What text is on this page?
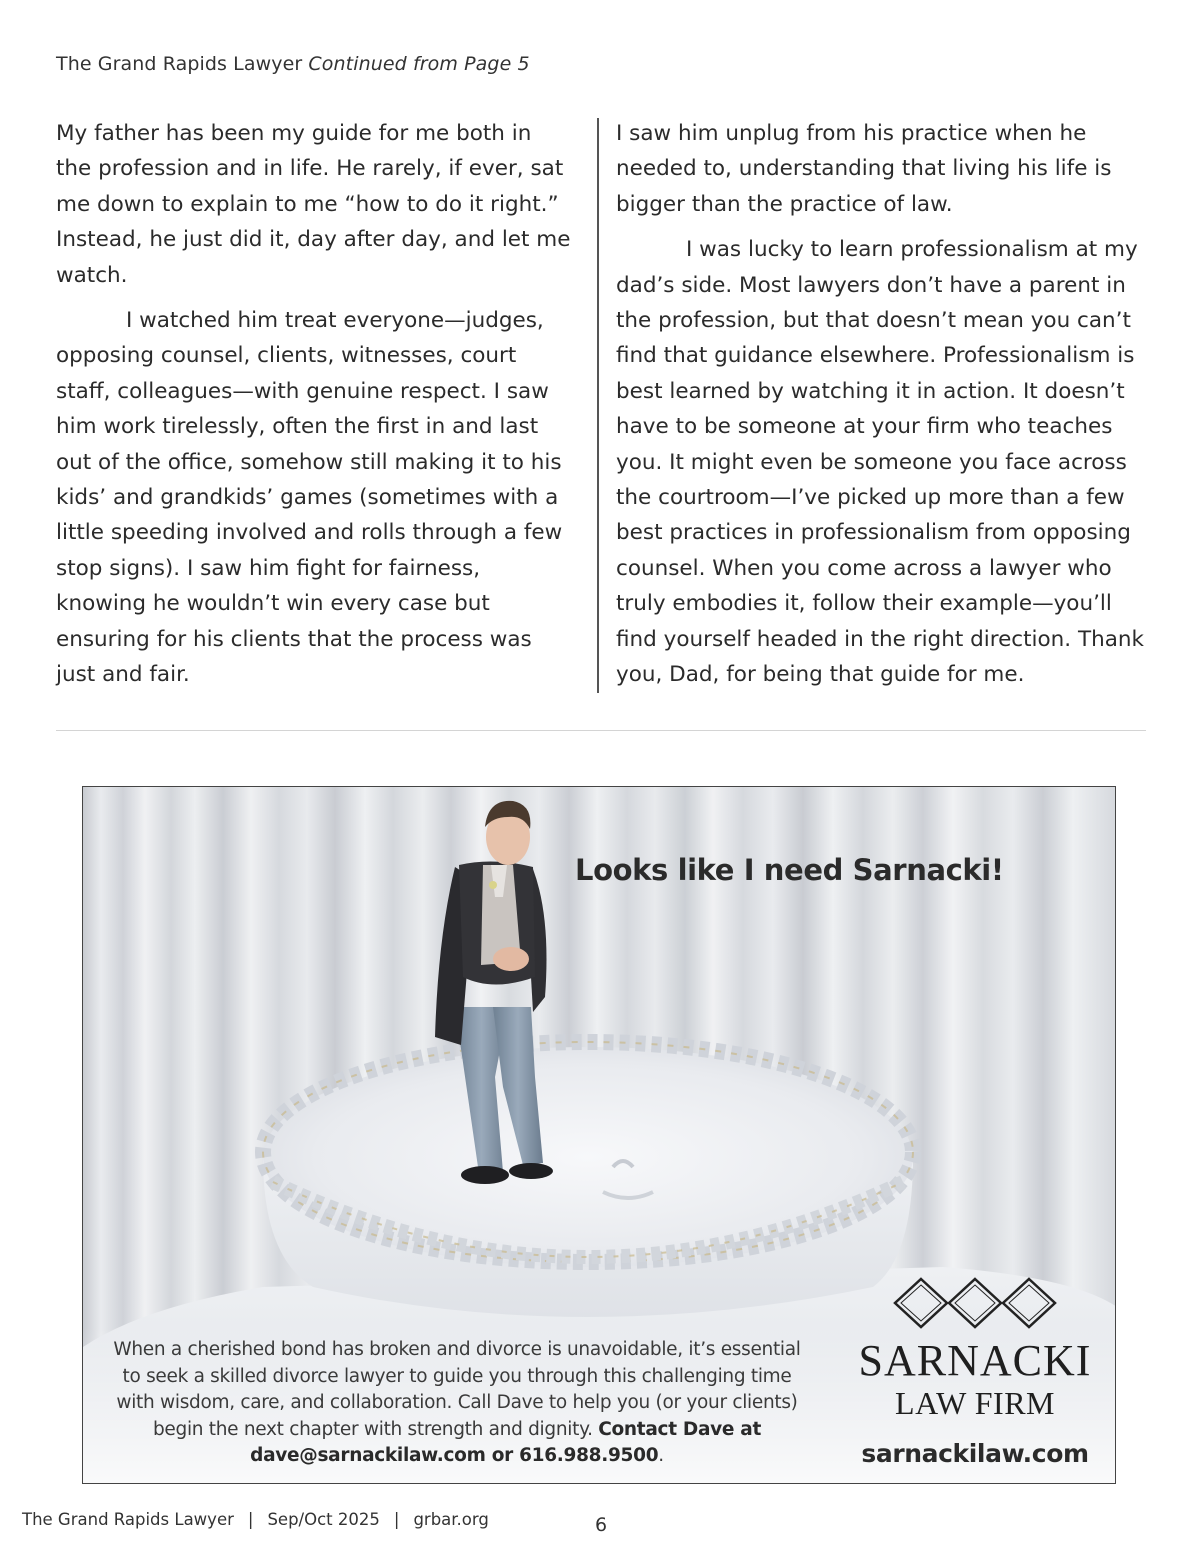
The Grand Rapids Lawyer Continued from Page 5

My father has been my guide for me both in the profession and in life. He rarely, if ever, sat me down to explain to me “how to do it right.” Instead, he just did it, day after day, and let me watch.

I watched him treat everyone—judges, opposing counsel, clients, witnesses, court staff, colleagues—with genuine respect. I saw him work tirelessly, often the first in and last out of the office, somehow still making it to his kids’ and grandkids’ games (sometimes with a little speeding involved and rolls through a few stop signs). I saw him fight for fairness, knowing he wouldn’t win every case but ensuring for his clients that the process was just and fair.

I saw him unplug from his practice when he needed to, understanding that living his life is bigger than the practice of law.

I was lucky to learn professionalism at my dad’s side. Most lawyers don’t have a parent in the profession, but that doesn’t mean you can’t find that guidance elsewhere. Professionalism is best learned by watching it in action. It doesn’t have to be someone at your firm who teaches you. It might even be someone you face across the courtroom—I’ve picked up more than a few best practices in professionalism from opposing counsel. When you come across a lawyer who truly embodies it, follow their example—you’ll find yourself headed in the right direction. Thank you, Dad, for being that guide for me.

Looks like I need Sarnacki!
When a cherished bond has broken and divorce is unavoidable, it’s essential to seek a skilled divorce lawyer to guide you through this challenging time with wisdom, care, and collaboration. Call Dave to help you (or your clients) begin the next chapter with strength and dignity. Contact Dave at dave@sarnackilaw.com or 616.988.9500.
SARNACKI
LAW FIRM
sarnackilaw.com
The Grand Rapids Lawyer | Sep/Oct 2025 | grbar.org	6
